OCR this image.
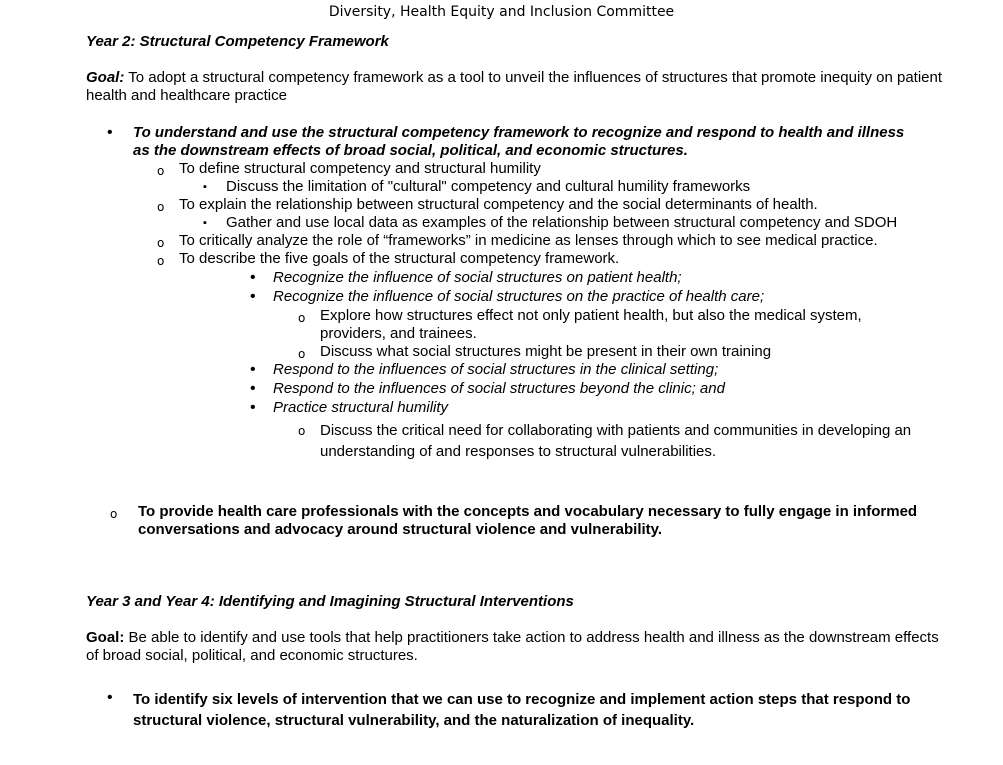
Diversity, Health Equity and Inclusion Committee
Year 2: Structural Competency Framework
Goal: To adopt a structural competency framework as a tool to unveil the influences of structures that promote inequity on patient health and healthcare practice
• To understand and use the structural competency framework to recognize and respond to health and illness as the downstream effects of broad social, political, and economic structures.
o To define structural competency and structural humility
▪ Discuss the limitation of "cultural" competency and cultural humility frameworks
o To explain the relationship between structural competency and the social determinants of health.
▪ Gather and use local data as examples of the relationship between structural competency and SDOH
o To critically analyze the role of “frameworks” in medicine as lenses through which to see medical practice.
o To describe the five goals of the structural competency framework.
• Recognize the influence of social structures on patient health;
• Recognize the influence of social structures on the practice of health care;
o Explore how structures effect not only patient health, but also the medical system, providers, and trainees.
o Discuss what social structures might be present in their own training
• Respond to the influences of social structures in the clinical setting;
• Respond to the influences of social structures beyond the clinic; and
• Practice structural humility
o Discuss the critical need for collaborating with patients and communities in developing an understanding of and responses to structural vulnerabilities.
o To provide health care professionals with the concepts and vocabulary necessary to fully engage in informed conversations and advocacy around structural violence and vulnerability.
Year 3 and Year 4: Identifying and Imagining Structural Interventions
Goal: Be able to identify and use tools that help practitioners take action to address health and illness as the downstream effects of broad social, political, and economic structures.
• To identify six levels of intervention that we can use to recognize and implement action steps that respond to structural violence, structural vulnerability, and the naturalization of inequality.
